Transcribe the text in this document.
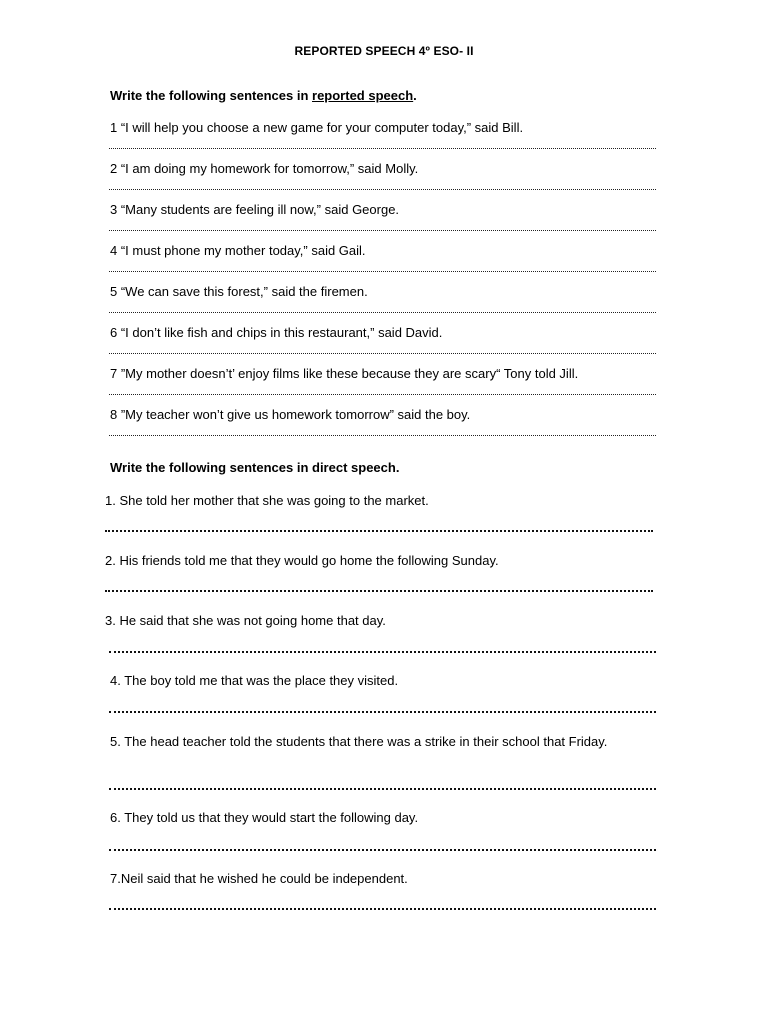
REPORTED SPEECH 4º ESO- II
Write the following sentences in reported speech.
1 “I will help you choose a new game for your computer today,” said Bill.
2 “I am doing my homework for tomorrow,” said Molly.
3 “Many students are feeling ill now,” said George.
4 “I must phone my mother today,” said Gail.
5 “We can save this forest,” said the firemen.
6 “I don’t like fish and chips in this restaurant,” said David.
7 ”My mother doesn’t’ enjoy films like these because they are scary“ Tony told Jill.
8 ”My teacher won’t give us homework tomorrow” said the boy.
Write the following sentences in direct speech.
1. She told her mother that she was going to the market.
2. His friends told me that they would go home the following Sunday.
3. He said that she was not going home that day.
4. The boy told me that was the place they visited.
5. The head teacher told the students that there was a strike in their school that Friday.
6. They told us that they would start the following day.
7.Neil said that he wished he could be independent.
